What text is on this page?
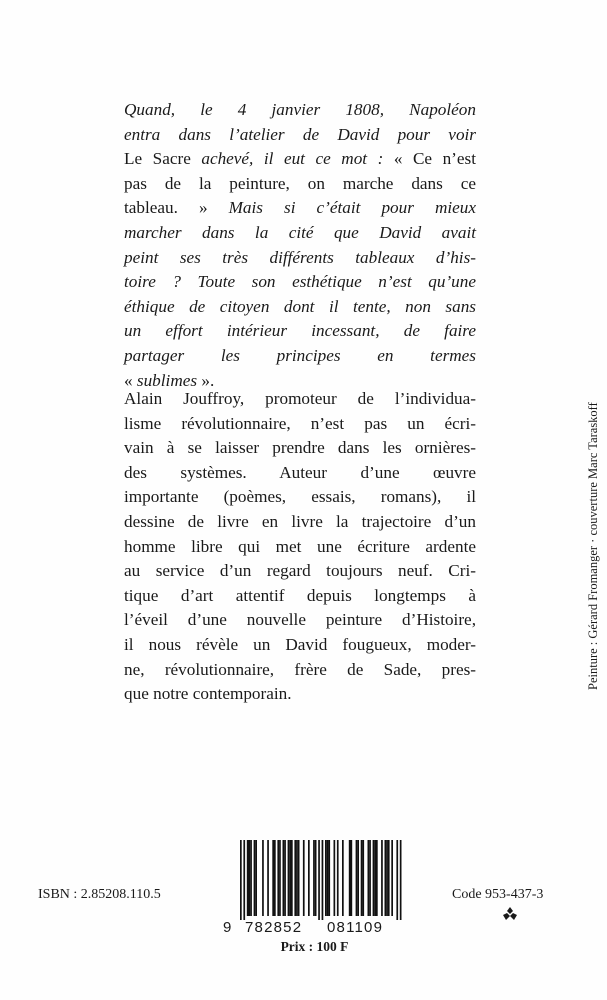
Quand, le 4 janvier 1808, Napoléon
entra dans l’atelier de David pour voir
Le Sacre achevé, il eut ce mot : « Ce n’est
pas de la peinture, on marche dans ce
tableau. » Mais si c’était pour mieux
marcher dans la cité que David avait
peint ses très différents tableaux d’his-
toire ? Toute son esthétique n’est qu’une
éthique de citoyen dont il tente, non sans
un effort intérieur incessant, de faire
partager les principes en termes
« sublimes ».
Alain Jouffroy, promoteur de l’individua-
lisme révolutionnaire, n’est pas un écri-
vain à se laisser prendre dans les ornières-
des systèmes. Auteur d’une œuvre
importante (poèmes, essais, romans), il
dessine de livre en livre la trajectoire d’un
homme libre qui met une écriture ardente
au service d’un regard toujours neuf. Cri-
tique d’art attentif depuis longtemps à
l’éveil d’une nouvelle peinture d’Histoire,
il nous révèle un David fougueux, moder-
ne, révolutionnaire, frère de Sade, pres-
que notre contemporain.
Peinture : Gérard Fromanger · couverture Marc Taraskoff
ISBN : 2.85208.110.5	Code 953-437-3
9 782852 081109
Prix : 100 F
